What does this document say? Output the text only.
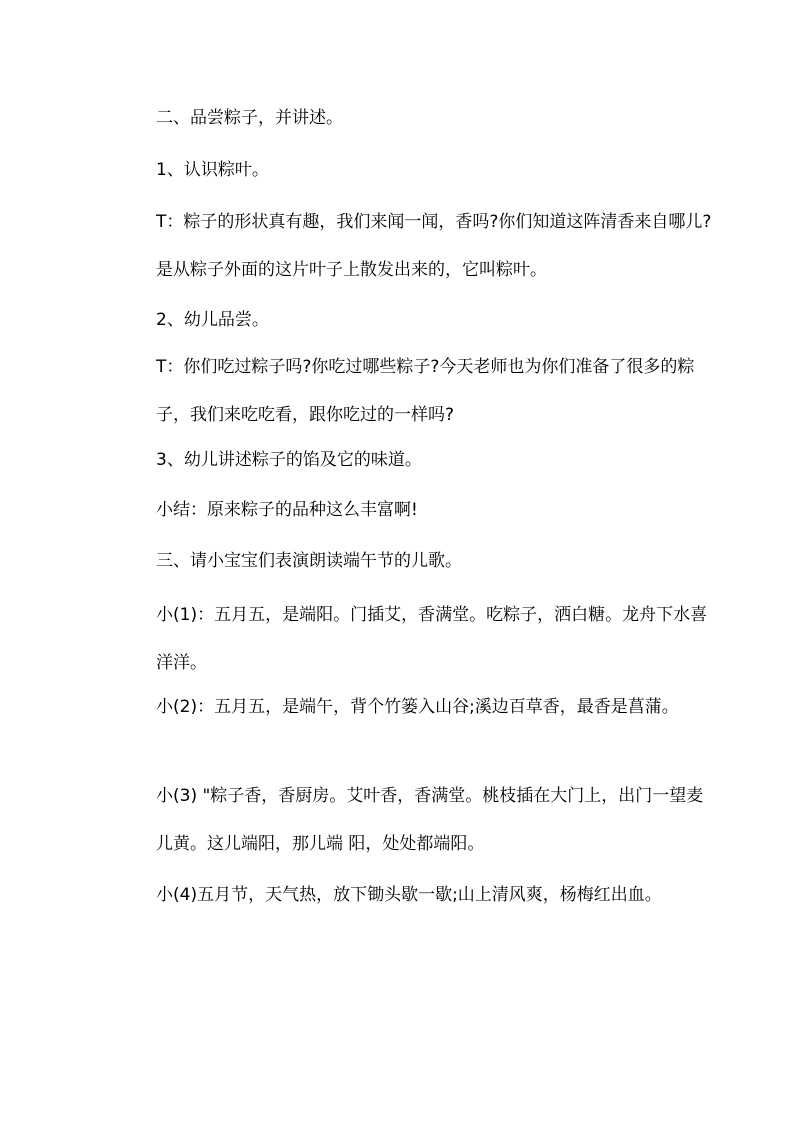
二、品尝粽子，并讲述。

1、认识粽叶。

T：粽子的形状真有趣，我们来闻一闻，香吗?你们知道这阵清香来自哪儿?是从粽子外面的这片叶子上散发出来的，它叫粽叶。

2、幼儿品尝。

T：你们吃过粽子吗?你吃过哪些粽子?今天老师也为你们准备了很多的粽子，我们来吃吃看，跟你吃过的一样吗?

3、幼儿讲述粽子的馅及它的味道。

小结：原来粽子的品种这么丰富啊!

三、请小宝宝们表演朗读端午节的儿歌。

小(1)：五月五，是端阳。门插艾，香满堂。吃粽子，洒白糖。龙舟下水喜洋洋。

小(2)：五月五，是端午，背个竹篓入山谷;溪边百草香，最香是菖蒲。

小(3) "粽子香，香厨房。艾叶香，香满堂。桃枝插在大门上，出门一望麦儿黄。这儿端阳，那儿端 阳，处处都端阳。

小(4)五月节，天气热，放下锄头歇一歇;山上清风爽，杨梅红出血。
